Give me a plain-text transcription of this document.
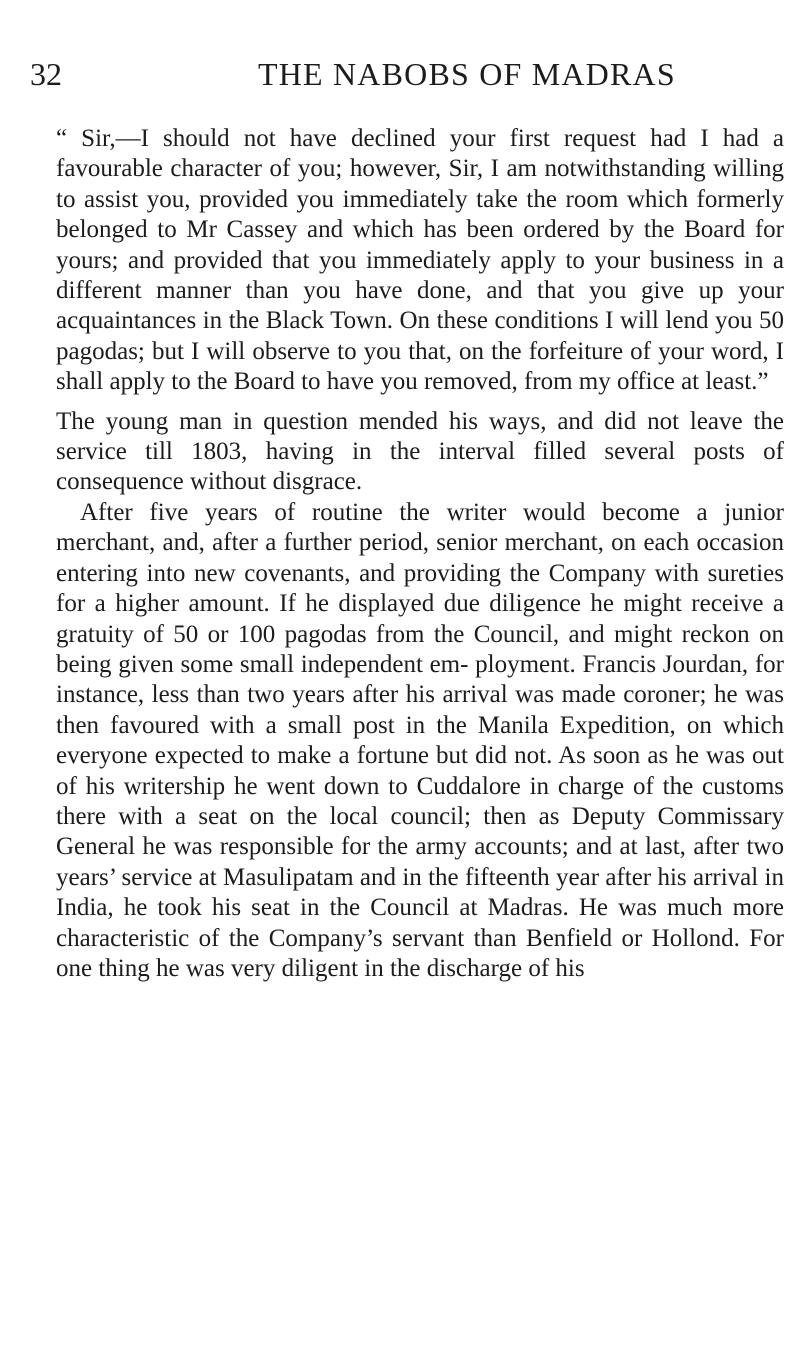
32	THE NABOBS OF MADRAS

“ Sir,—I should not have declined your first request had I had a favourable character of you; however, Sir, I am notwithstanding willing to assist you, provided you immediately take the room which formerly belonged to Mr Cassey and which has been ordered by the Board for yours; and provided that you immediately apply to your business in a different manner than you have done, and that you give up your acquaintances in the Black Town. On these conditions I will lend you 50 pagodas; but I will observe to you that, on the forfeiture of your word, I shall apply to the Board to have you removed, from my office at least.”

The young man in question mended his ways, and did not leave the service till 1803, having in the interval filled several posts of consequence without disgrace.

After five years of routine the writer would become a junior merchant, and, after a further period, senior merchant, on each occasion entering into new covenants, and providing the Company with sureties for a higher amount. If he displayed due diligence he might receive a gratuity of 50 or 100 pagodas from the Council, and might reckon on being given some small independent em- ployment. Francis Jourdan, for instance, less than two years after his arrival was made coroner; he was then favoured with a small post in the Manila Expedition, on which everyone expected to make a fortune but did not. As soon as he was out of his writership he went down to Cuddalore in charge of the customs there with a seat on the local council; then as Deputy Commissary General he was responsible for the army accounts; and at last, after two years’ service at Masulipatam and in the fifteenth year after his arrival in India, he took his seat in the Council at Madras. He was much more characteristic of the Company’s servant than Benfield or Hollond. For one thing he was very diligent in the discharge of his
